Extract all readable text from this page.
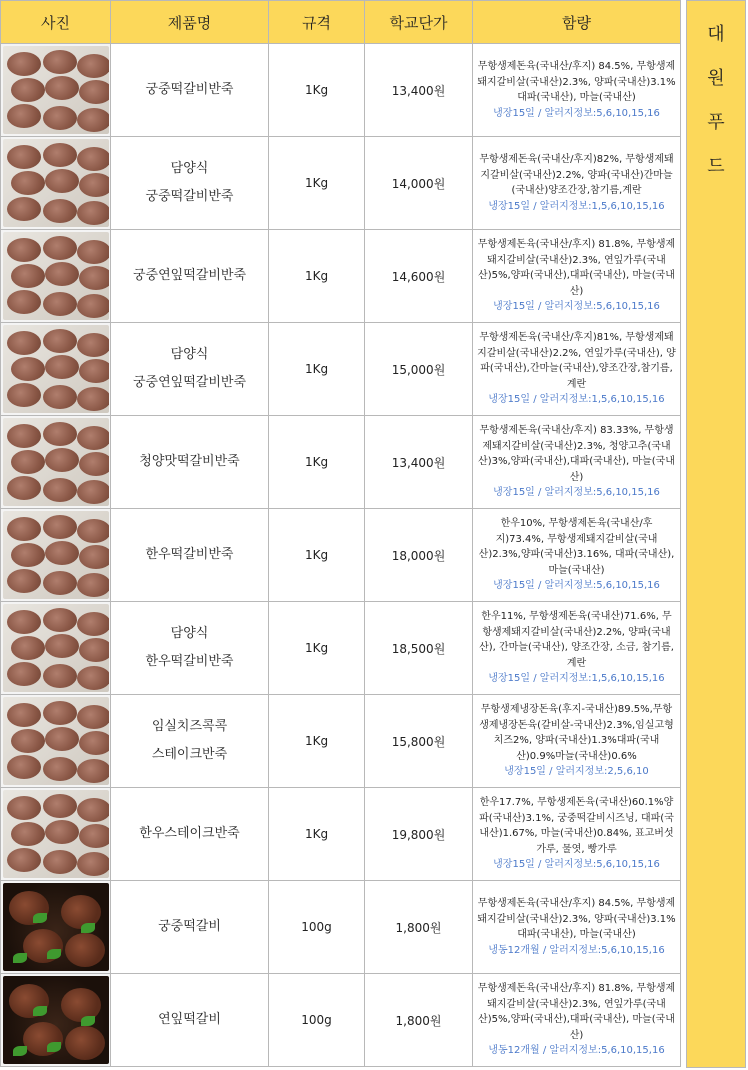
사진	제품명	규격	학교단가	함량

	궁중떡갈비반죽	1Kg	13,400원	무항생제돈육(국내산/후지) 84.5%, 무항생제돼지갈비살(국내산)2.3%, 양파(국내산)3.1%대파(국내산), 마늘(국내산)
냉장15일 / 알러지정보:5,6,10,15,16

	담양식
궁중떡갈비반죽	1Kg	14,000원	무항생제돈육(국내산/후지)82%, 무항생제돼지갈비살(국내산)2.2%, 양파(국내산)간마늘(국내산)양조간장,참기름,계란
냉장15일 / 알러지정보:1,5,6,10,15,16

	궁중연잎떡갈비반죽	1Kg	14,600원	무항생제돈육(국내산/후지) 81.8%, 무항생제돼지갈비살(국내산)2.3%, 연잎가루(국내산)5%,양파(국내산),대파(국내산), 마늘(국내산)
냉장15일 / 알러지정보:5,6,10,15,16

	담양식
궁중연잎떡갈비반죽	1Kg	15,000원	무항생제돈육(국내산/후지)81%, 무항생제돼지갈비살(국내산)2.2%, 연잎가루(국내산), 양파(국내산),간마늘(국내산),양조간장,참기름,계란
냉장15일 / 알러지정보:1,5,6,10,15,16

	청양맛떡갈비반죽	1Kg	13,400원	무항생제돈육(국내산/후지) 83.33%, 무항생제돼지갈비살(국내산)2.3%, 청양고추(국내산)3%,양파(국내산),대파(국내산), 마늘(국내산)
냉장15일 / 알러지정보:5,6,10,15,16

	한우떡갈비반죽	1Kg	18,000원	한우10%, 무항생제돈육(국내산/후지)73.4%, 무항생제돼지갈비살(국내산)2.3%,양파(국내산)3.16%, 대파(국내산),마늘(국내산)
냉장15일 / 알러지정보:5,6,10,15,16

	담양식
한우떡갈비반죽	1Kg	18,500원	한우11%, 무항생제돈육(국내산)71.6%, 무항생제돼지갈비살(국내산)2.2%, 양파(국내산), 간마늘(국내산), 양조간장, 소금, 참기름, 계란
냉장15일 / 알러지정보:1,5,6,10,15,16

	임실치즈콕콕
스테이크반죽	1Kg	15,800원	무항생제냉장돈육(후지-국내산)89.5%,무항생제냉장돈육(갈비살-국내산)2.3%,임실고형치즈2%, 양파(국내산)1.3%대파(국내산)0.9%마늘(국내산)0.6%
냉장15일 / 알러지정보:2,5,6,10

	한우스테이크반죽	1Kg	19,800원	한우17.7%, 무항생제돈육(국내산)60.1%양파(국내산)3.1%, 궁중떡갈비시즈닝, 대파(국내산)1.67%, 마늘(국내산)0.84%, 표고버섯가루, 물엿, 빵가루
냉장15일 / 알러지정보:5,6,10,15,16

	궁중떡갈비	100g	1,800원	무항생제돈육(국내산/후지) 84.5%, 무항생제돼지갈비살(국내산)2.3%, 양파(국내산)3.1%대파(국내산), 마늘(국내산)
냉동12개월 / 알러지정보:5,6,10,15,16

	연잎떡갈비	100g	1,800원	무항생제돈육(국내산/후지) 81.8%, 무항생제돼지갈비살(국내산)2.3%, 연잎가루(국내산)5%,양파(국내산),대파(국내산), 마늘(국내산)
냉동12개월 / 알러지정보:5,6,10,15,16
대
원
푸
드
